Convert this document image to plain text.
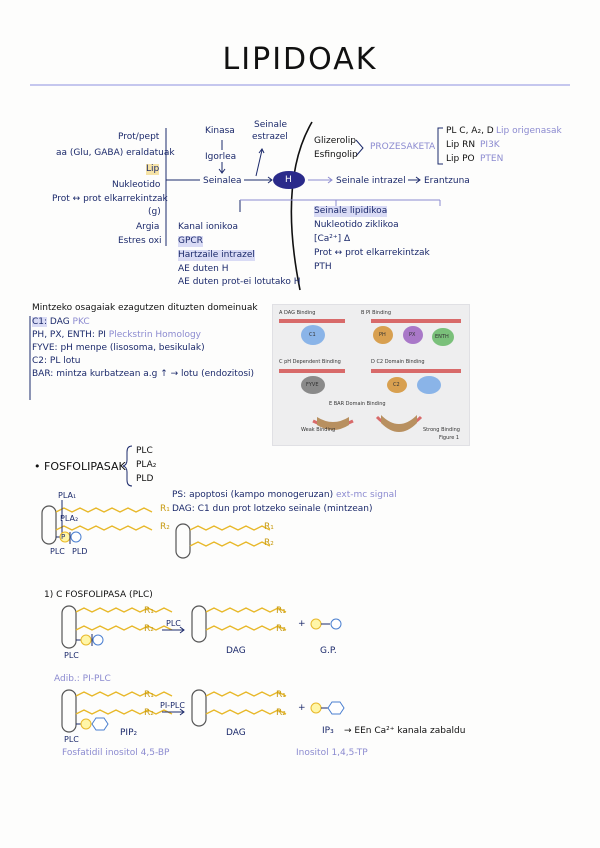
LIPIDOAK
Prot/pept
aa (Glu, GABA) eraldatuak
Lip
Nukleotido
Prot ↔ prot elkarrekintzak
(g)
Argia
Estres oxi
Kinasa
Igorlea
Seinalea
Seinale
estrazel
H
Glizerolip
Esfingolip
PROZESAKETA
PL C, A₂, D
Lip RN
Lip PO
Lip origenasak
PI3K
PTEN
Seinale intrazel Erantzuna
Kanal ionikoa
GPCR
Hartzaile intrazel
AE duten H
AE duten prot-ei lotutako H
Seinale lipidikoa
Nukleotido ziklikoa
[Ca²⁺] Δ
Prot ↔ prot elkarrekintzak
PTH
Mintzeko osagaiak ezagutzen dituzten domeinuak
C1: DAG PKC
PH, PX, ENTH: PI Pleckstrin Homology
FYVE: pH menpe (lisosoma, besikulak)
C2: PL lotu
BAR: mintza kurbatzean a.g ↑ → lotu (endozitosi)
A DAG Binding	B PI Binding
C pH Dependent Binding	D C2 Domain Binding
E BAR Domain Binding
C1	PH	PX	ENTH
FYVE	C2
Weak Binding	Strong Binding
Figure 1
• FOSFOLIPASAK
PLC
PLA₂
PLD
PLA₁
PLA₂
PLC PLD
P
R₁
R₂	R₁
R₂
PS: apoptosi (kampo monogeruzan) ext-mc signal
DAG: C1 dun prot lotzeko seinale (mintzean)
1) C FOSFOLIPASA (PLC)
PLC
PLC
R₁
R₂
R₁
R₂
DAG
+
G.P.
Adib.: PI-PLC
PI-PLC
R₁
R₂
R₁
R₂
PLC
PIP₂	DAG
+
IP₃ → EEn Ca²⁺ kanala zabaldu
Fosfatidil inositol 4,5-BP	Inositol 1,4,5-TP
